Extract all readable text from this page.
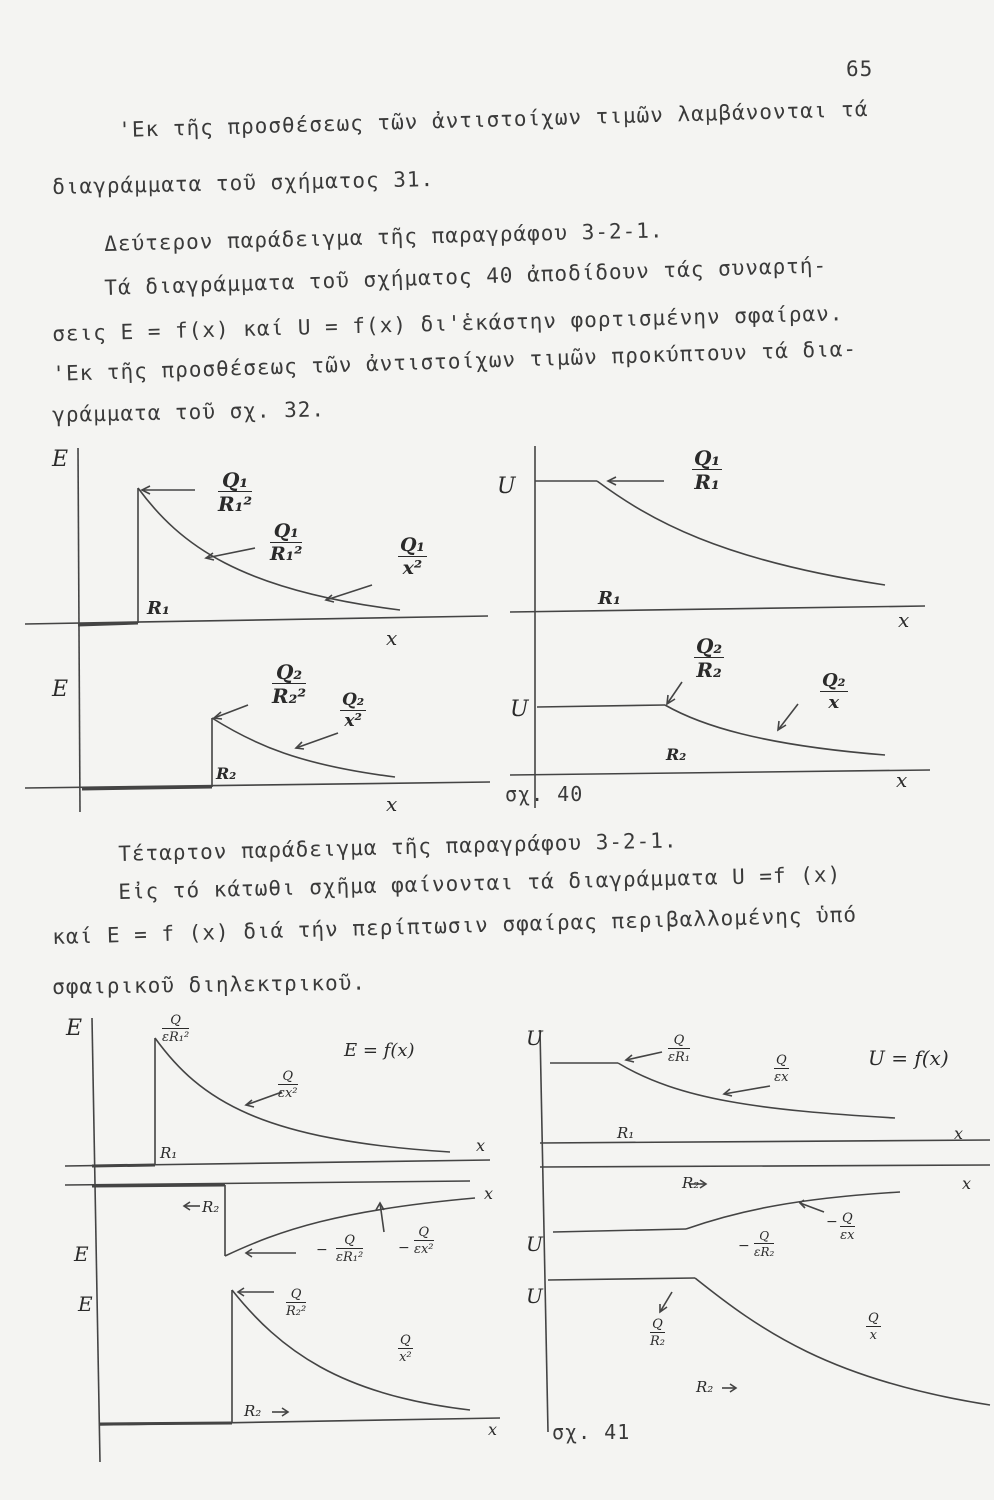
65
'Εκ τῆς προσθέσεως τῶν ἀντιστοίχων τιμῶν λαμβάνονται τά
διαγράμματα τοῦ σχήματος 31.
Δεύτερον παράδειγμα τῆς παραγράφου 3-2-1.
Τά διαγράμματα τοῦ σχήματος 40 ἀποδίδουν τάς συναρτή-
σεις E = f(x) καί U = f(x) δι'ἑκάστην φορτισμένην σφαίραν.
'Εκ τῆς προσθέσεως τῶν ἀντιστοίχων τιμῶν προκύπτουν τά δια-
γράμματα τοῦ σχ. 32.
E
E
U
U
x
x
x
x
R₁
R₂
R₁
R₂
$\frac{\text{Q₁}}{\text{R₁²}}$
$\frac{\text{Q₁}}{\text{R₁²}}$	$\frac{\text{Q₁}}{\text{x²}}$
$\frac{\text{Q₂}}{\text{R₂²}}$
$\frac{\text{Q₂}}{\text{x²}}$
$\frac{\text{Q₁}}{\text{R₁}}$
$\frac{\text{Q₂}}{\text{R₂}}$
$\frac{\text{Q₂}}{x}$
σχ. 40
Τέταρτον παράδειγμα τῆς παραγράφου 3-2-1.
Εἰς τό κάτωθι σχῆμα φαίνονται τά διαγράμματα U =f (x)
καί E = f (x) διά τήν περίπτωσιν σφαίρας περιβαλλομένης ὑπό
σφαιρικοῦ διηλεκτρικοῦ.
E
E
E
U
U
U
E = f(x)	U = f(x)
x
x
x
x
x
R₁
R₂
R₂
R₁
R₂
R₂
$\frac{Q}{\text{εR₁²}}$
$\frac{Q}{\text{εx²}}$
− $\frac{Q}{\text{εR₁²}} - \frac{Q}{\text{εx²}}$
$\frac{Q}{\text{R₂²}}$
$\frac{Q}{\text{x²}}$
$\frac{Q}{\text{εR₁}}$
$\frac{Q}{\varepsilon x}$
− $\frac{Q}{\text{εR₂}}$
− $\frac{Q}{\varepsilon x}$
$\frac{Q}{\text{R₂}}$	$\frac{Q}{x}$
σχ. 41
